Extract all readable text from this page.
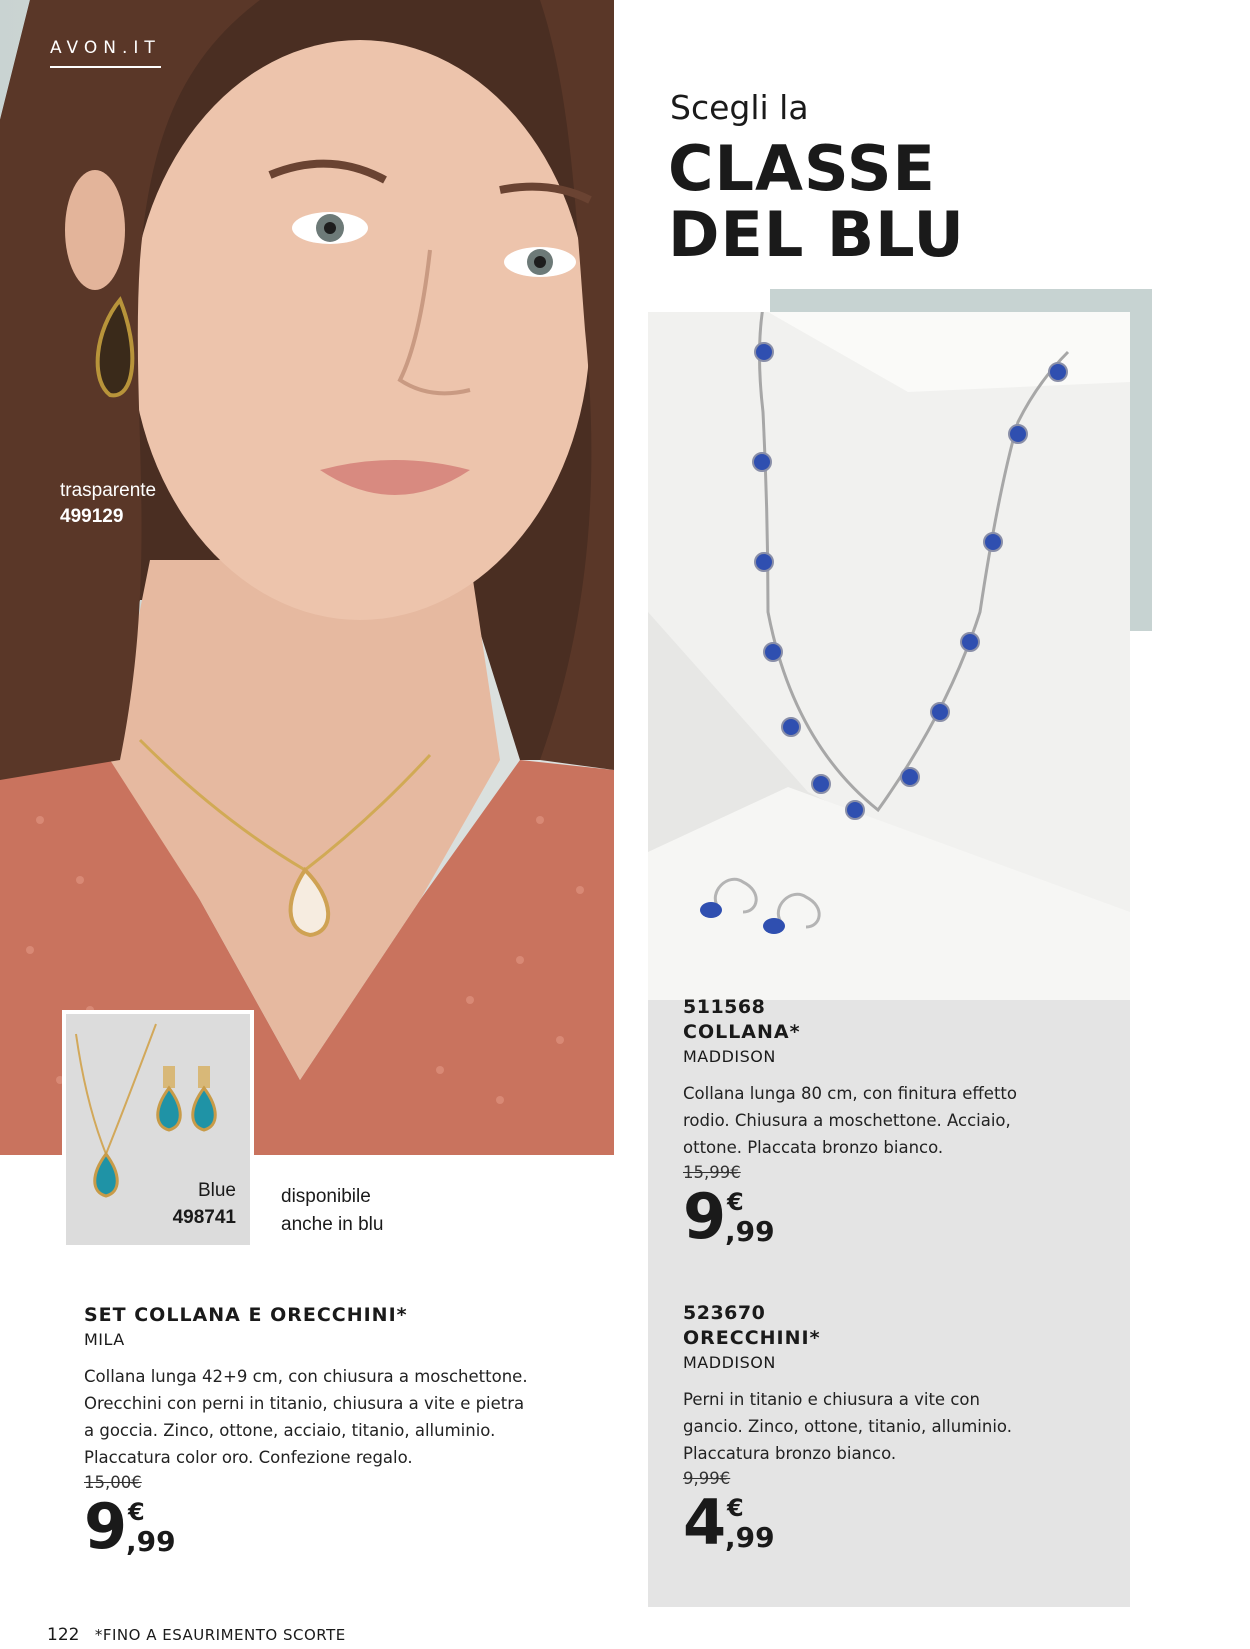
AVON.IT
trasparente
499129
Blue
498741
disponibile
anche in blu
Scegli la
CLASSE
DEL BLU
511568
COLLANA*
MADDISON
Collana lunga 80 cm, con finitura effetto
rodio. Chiusura a moschettone. Acciaio,
ottone. Placcata bronzo bianco.
15,99€
9 €
,99
523670
ORECCHINI*
MADDISON
Perni in titanio e chiusura a vite con
gancio. Zinco, ottone, titanio, alluminio.
Placcatura bronzo bianco.
9,99€
4 €
,99
SET COLLANA E ORECCHINI*
MILA
Collana lunga 42+9 cm, con chiusura a moschettone.
Orecchini con perni in titanio, chiusura a vite e pietra
a goccia. Zinco, ottone, acciaio, titanio, alluminio.
Placcatura color oro. Confezione regalo.
15,00€
9 €
,99
122 *FINO A ESAURIMENTO SCORTE
